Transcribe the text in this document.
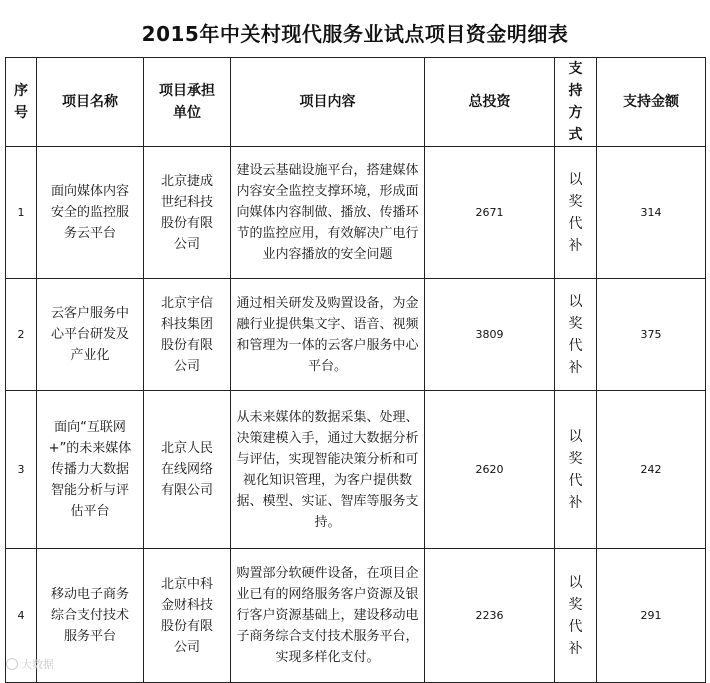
2015年中关村现代服务业试点项目资金明细表
序号	项目名称	项目承担单位	项目内容	总投资	支持方式	支持金额

1	面向媒体内容安全的监控服务云平台	北京捷成世纪科技股份有限公司	建设云基础设施平台，搭建媒体内容安全监控支撑环境，形成面向媒体内容制做、播放、传播环节的监控应用，有效解决广电行业内容播放的安全问题	2671	以奖代补	314
2	云客户服务中心平台研发及产业化	北京宇信科技集团股份有限公司	通过相关研发及购置设备，为金融行业提供集文字、语音、视频和管理为一体的云客户服务中心平台。	3809	以奖代补	375
3	面向“互联网+”的未来媒体传播力大数据智能分析与评估平台	北京人民在线网络有限公司	从未来媒体的数据采集、处理、决策建模入手，通过大数据分析与评估，实现智能决策分析和可视化知识管理，为客户提供数据、模型、实证、智库等服务支持。	2620	以奖代补	242
4	移动电子商务综合支付技术服务平台	北京中科金财科技股份有限公司	购置部分软硬件设备，在项目企业已有的网络服务客户资源及银行客户资源基础上，建设移动电子商务综合支付技术服务平台，实现多样化支付。	2236	以奖代补	291
大数据
